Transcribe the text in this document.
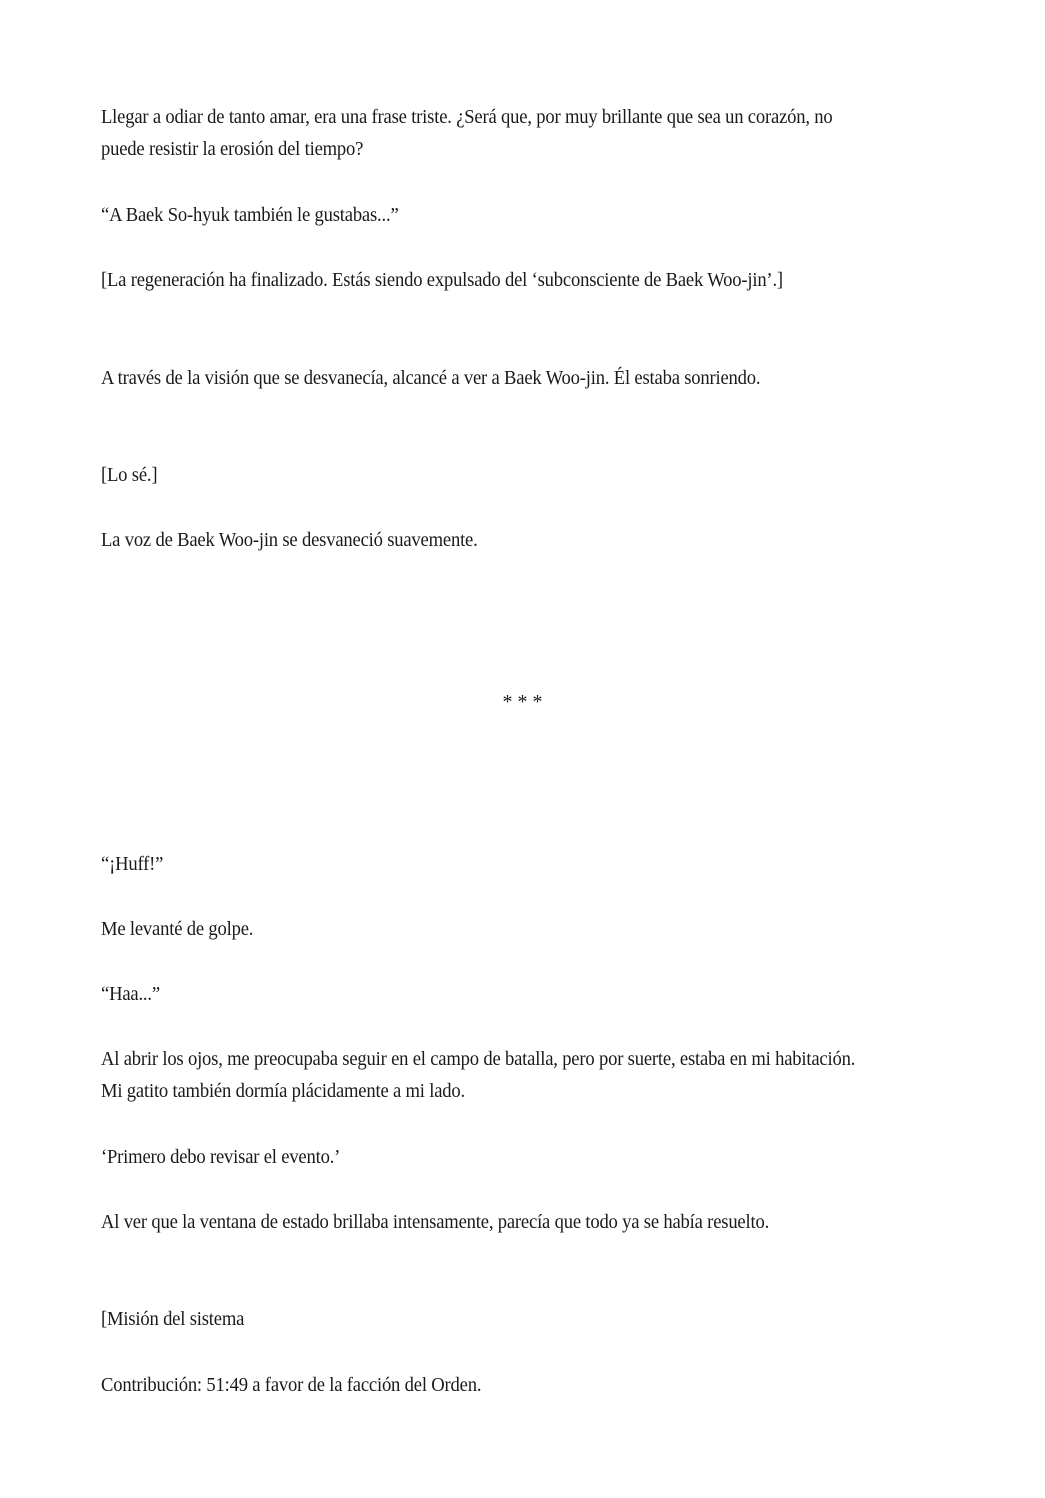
Llegar a odiar de tanto amar, era una frase triste. ¿Será que, por muy brillante que sea un corazón, no puede resistir la erosión del tiempo?

“A Baek So-hyuk también le gustabas...”

[La regeneración ha finalizado. Estás siendo expulsado del ‘subconsciente de Baek Woo-jin’.]

A través de la visión que se desvanecía, alcancé a ver a Baek Woo-jin. Él estaba sonriendo.

[Lo sé.]

La voz de Baek Woo-jin se desvaneció suavemente.

* * *

“¡Huff!”

Me levanté de golpe.

“Haa...”

Al abrir los ojos, me preocupaba seguir en el campo de batalla, pero por suerte, estaba en mi habitación. Mi gatito también dormía plácidamente a mi lado.

‘Primero debo revisar el evento.’

Al ver que la ventana de estado brillaba intensamente, parecía que todo ya se había resuelto.

[Misión del sistema

Contribución: 51:49 a favor de la facción del Orden.
